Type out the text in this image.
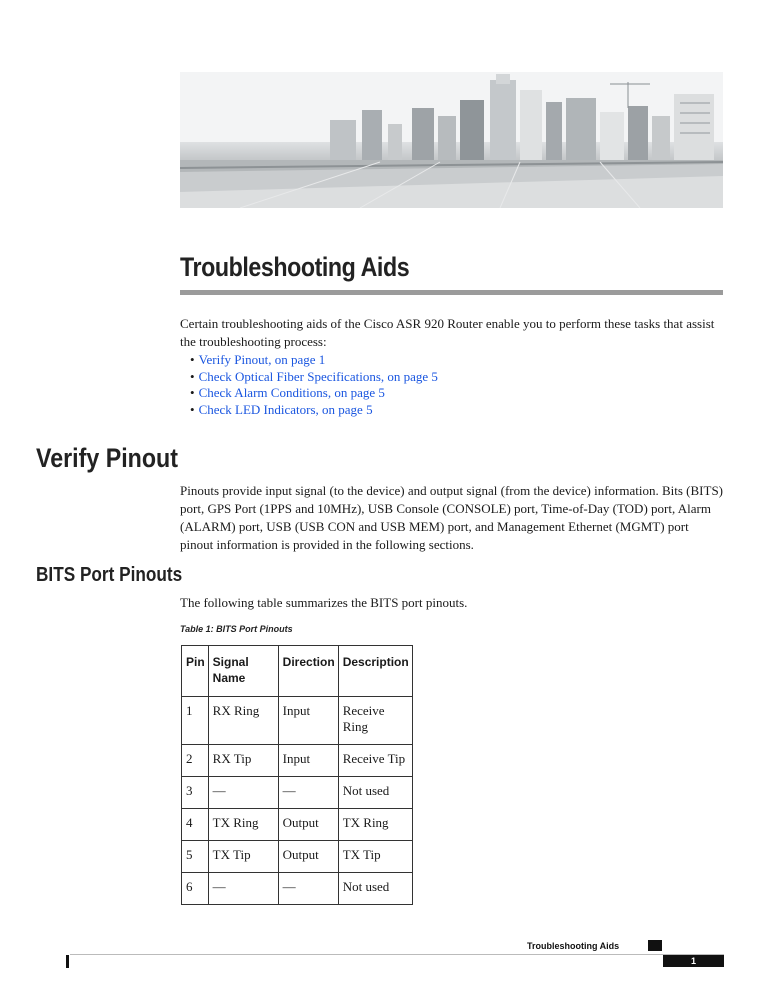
Troubleshooting Aids

Certain troubleshooting aids of the Cisco ASR 920 Router enable you to perform these tasks that assist the troubleshooting process:

• Verify Pinout, on page 1
• Check Optical Fiber Specifications, on page 5
• Check Alarm Conditions, on page 5
• Check LED Indicators, on page 5
Verify Pinout

Pinouts provide input signal (to the device) and output signal (from the device) information. Bits (BITS) port, GPS Port (1PPS and 10MHz), USB Console (CONSOLE) port, Time-of-Day (TOD) port, Alarm (ALARM) port, USB (USB CON and USB MEM) port, and Management Ethernet (MGMT) port pinout information is provided in the following sections.

BITS Port Pinouts

The following table summarizes the BITS port pinouts.

Table 1: BITS Port Pinouts

Pin	Signal Name	Direction	Description
1	RX Ring	Input	Receive Ring
2	RX Tip	Input	Receive Tip
3	—	—	Not used
4	TX Ring	Output	TX Ring
5	TX Tip	Output	TX Tip
6	—	—	Not used

Troubleshooting Aids

1
